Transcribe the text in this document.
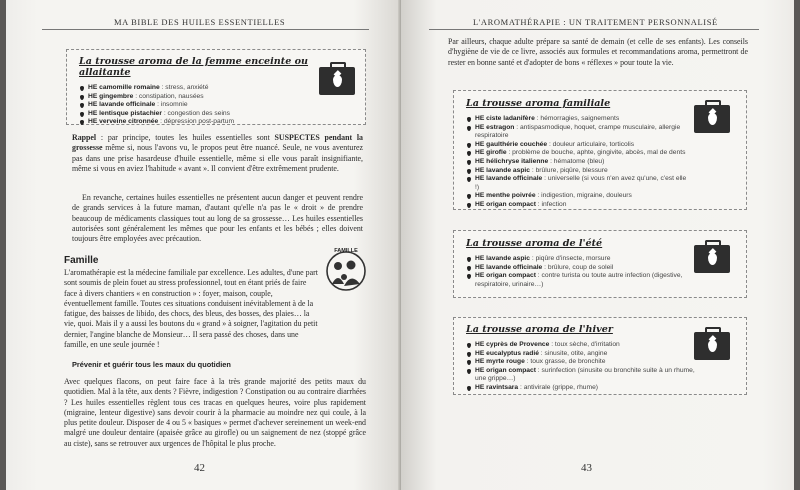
MA BIBLE DES HUILES ESSENTIELLES
La trousse aroma de la femme enceinte ou allaitante
HE camomille romaine : stress, anxiété
HE gingembre : constipation, nausées
HE lavande officinale : insomnie
HE lentisque pistachier : congestion des seins
HE verveine citronnée : dépression post-partum
Rappel : par principe, toutes les huiles essentielles sont SUSPECTES pendant la grossesse même si, nous l'avons vu, le propos peut être nuancé. Seule, ne vous aventurez pas dans une prise hasardeuse d'huile essentielle, même si elle vous paraît insignifiante, même si vous en aviez l'habitude « avant ». Il convient d'être extrêmement prudente.
En revanche, certaines huiles essentielles ne présentent aucun danger et peuvent rendre de grands services à la future maman, d'autant qu'elle n'a pas le « droit » de prendre beaucoup de médicaments classiques tout au long de sa grossesse… Les huiles essentielles autorisées sont généralement les mêmes que pour les enfants et les bébés ; elles doivent toujours être employées avec précaution.
Famille
FAMILLE
L'aromathérapie est la médecine familiale par excellence. Les adultes, d'une part sont soumis de plein fouet au stress professionnel, tout en étant priés de faire face à divers chantiers « en construction » : foyer, maison, couple, éventuellement famille. Toutes ces situations conduisent inévitablement à de la fatigue, des baisses de libido, des chocs, des bleus, des bosses, des plaies… la vie, quoi. Mais il y a aussi les boutons du « grand » à soigner, l'agitation du petit dernier, l'angine blanche de Monsieur… Il sera passé des choses, dans une famille, en une seule journée !
Prévenir et guérir tous les maux du quotidien
Avec quelques flacons, on peut faire face à la très grande majorité des petits maux du quotidien. Mal à la tête, aux dents ? Fièvre, indigestion ? Constipation ou au contraire diarrhées ? Les huiles essentielles règlent tous ces tracas en quelques heures, voire plus rapidement (migraine, lenteur digestive) sans devoir courir à la pharmacie au moindre nez qui coule, à la plus petite douleur. Disposer de 4 ou 5 « basiques » permet d'achever sereinement un week-end malgré une douleur dentaire (apaisée grâce au girofle) ou un saignement de nez (stoppé grâce au ciste), sans se retrouver aux urgences de l'hôpital le plus proche.
42
L'AROMATHÉRAPIE : UN TRAITEMENT PERSONNALISÉ
Par ailleurs, chaque adulte prépare sa santé de demain (et celle de ses enfants). Les conseils d'hygiène de vie de ce livre, associés aux formules et recommandations aroma, permettront de rester en bonne santé et d'adopter de bons « réflexes » pour toute la vie.
La trousse aroma familiale
HE ciste ladanifère : hémorragies, saignements
HE estragon : antispasmodique, hoquet, crampe musculaire, allergie respiratoire
HE gaulthérie couchée : douleur articulaire, torticolis
HE girofle : problème de bouche, aphte, gingivite, abcès, mal de dents
HE hélichryse italienne : hématome (bleu)
HE lavande aspic : brûlure, piqûre, blessure
HE lavande officinale : universelle (si vous n'en avez qu'une, c'est elle !)
HE menthe poivrée : indigestion, migraine, douleurs
HE origan compact : infection
La trousse aroma de l'été
HE lavande aspic : piqûre d'insecte, morsure
HE lavande officinale : brûlure, coup de soleil
HE origan compact : contre turista ou toute autre infection (digestive, respiratoire, urinaire…)
La trousse aroma de l'hiver
HE cyprès de Provence : toux sèche, d'irritation
HE eucalyptus radié : sinusite, otite, angine
HE myrte rouge : toux grasse, de bronchite
HE origan compact : surinfection (sinusite ou bronchite suite à un rhume, une grippe…)
HE ravintsara : antivirale (grippe, rhume)
43
